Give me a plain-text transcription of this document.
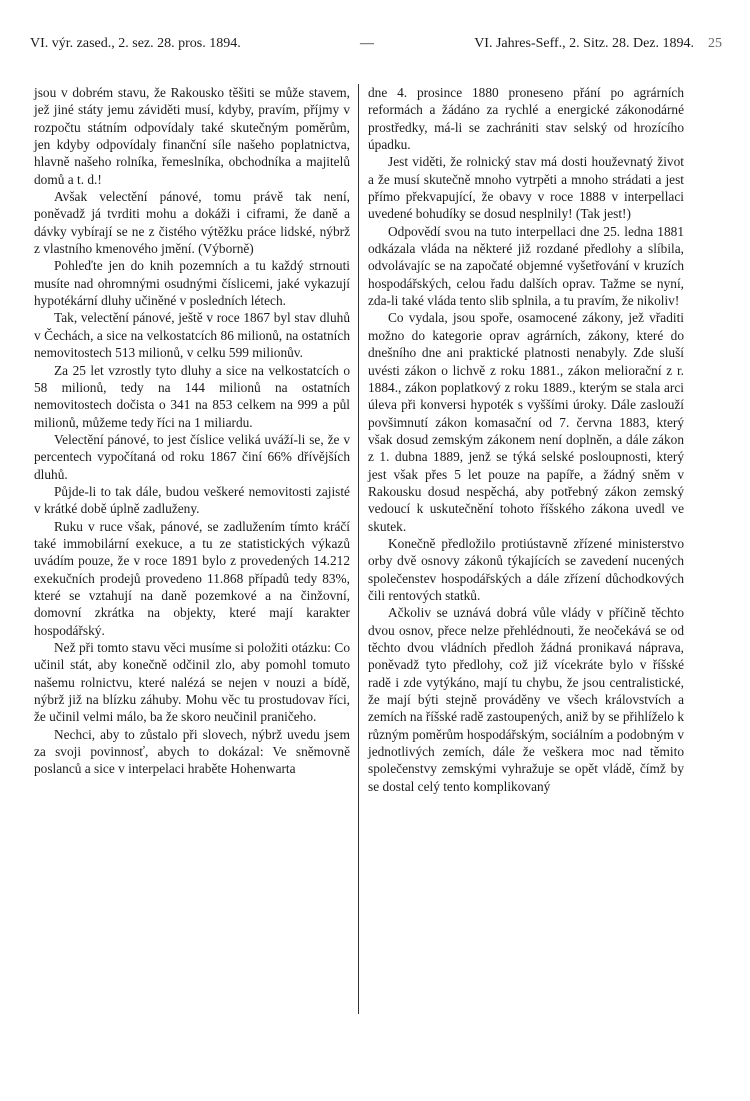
VI. výr. zased., 2. sez. 28. pros. 1894.	—	VI. Jahres-Seff., 2. Sitz. 28. Dez. 1894. 25

jsou v dobrém stavu, že Rakousko těšiti se může stavem, jež jiné státy jemu záviděti musí, kdyby, pravím, příjmy v rozpočtu státním odpovídaly také skutečným poměrům, jen kdyby odpovídaly finanční síle našeho poplatnictva, hlavně našeho rolníka, řemeslníka, obchodníka a majitelů domů a t. d.!

Avšak velectění pánové, tomu právě tak není, poněvadž já tvrditi mohu a dokáži i ciframi, že daně a dávky vybírají se ne z čistého výtěžku práce lidské, nýbrž z vlastního kmenového jmění. (Výborně)

Pohleďte jen do knih pozemních a tu každý strnouti musíte nad ohromnými osudnými číslicemi, jaké vykazují hypotékární dluhy učiněné v posledních létech.

Tak, velectění pánové, ještě v roce 1867 byl stav dluhů v Čechách, a sice na velkostatcích 86 milionů, na ostatních nemovitostech 513 milionů, v celku 599 milionův.

Za 25 let vzrostly tyto dluhy a sice na velkostatcích o 58 milionů, tedy na 144 milionů na ostatních nemovitostech dočista o 341 na 853 celkem na 999 a půl milionů, můžeme tedy říci na 1 miliardu.

Velectění pánové, to jest číslice veliká uváží-li se, že v percentech vypočítaná od roku 1867 činí 66% dřívějších dluhů.

Půjde-li to tak dále, budou veškeré nemovitosti zajisté v krátké době úplně zadluženy.

Ruku v ruce však, pánové, se zadlužením tímto kráčí také immobilární exekuce, a tu ze statistických výkazů uvádím pouze, že v roce 1891 bylo z provedených 14.212 exekučních prodejů provedeno 11.868 případů tedy 83%, které se vztahují na daně pozemkové a na činžovní, domovní zkrátka na objekty, které mají karakter hospodářský.

Než při tomto stavu věci musíme si položiti otázku: Co učinil stát, aby konečně odčinil zlo, aby pomohl tomuto našemu rolnictvu, které nalézá se nejen v nouzi a bídě, nýbrž již na blízku záhuby. Mohu věc tu prostudovav říci, že učinil velmi málo, ba že skoro neučinil praničeho.

Nechci, aby to zůstalo při slovech, nýbrž uvedu jsem za svoji povinnosť, abych to dokázal: Ve sněmovně poslanců a sice v interpelaci hraběte Hohenwarta

dne 4. prosince 1880 proneseno přání po agrárních reformách a žádáno za rychlé a energické zákonodárné prostředky, má-li se zachrániti stav selský od hrozícího úpadku.

Jest viděti, že rolnický stav má dosti houževnatý život a že musí skutečně mnoho vytrpěti a mnoho strádati a jest přímo překvapující, že obavy v roce 1888 v interpellaci uvedené bohudíky se dosud nesplnily! (Tak jest!)

Odpovědí svou na tuto interpellaci dne 25. ledna 1881 odkázala vláda na některé již rozdané předlohy a slíbila, odvolávajíc se na započaté objemné vyšetřování v kruzích hospodářských, celou řadu dalších oprav. Tažme se nyní, zda-li také vláda tento slib splnila, a tu pravím, že nikoliv!

Co vydala, jsou spoře, osamocené zákony, jež vřaditi možno do kategorie oprav agrárních, zákony, které do dnešního dne ani praktické platnosti nenabyly. Zde sluší uvésti zákon o lichvě z roku 1881., zákon meliorační z r. 1884., zákon poplatkový z roku 1889., kterým se stala arci úleva při konversi hypoték s vyššími úroky. Dále zaslouží povšimnutí zákon komasační od 7. června 1883, který však dosud zemským zákonem není doplněn, a dále zákon z 1. dubna 1889, jenž se týká selské posloupnosti, který jest však přes 5 let pouze na papíře, a žádný sněm v Rakousku dosud nespěchá, aby potřebný zákon zemský vedoucí k uskutečnění tohoto říšského zákona uvedl ve skutek.

Konečně předložilo protiústavně zřízené ministerstvo orby dvě osnovy zákonů týkajících se zavedení nucených společenstev hospodářských a dále zřízení důchodkových čili rentových statků.

Ačkoliv se uznává dobrá vůle vlády v příčině těchto dvou osnov, přece nelze přehlédnouti, že neočekává se od těchto dvou vládních předloh žádná pronikavá náprava, poněvadž tyto předlohy, což již vícekráte bylo v říšské radě i zde vytýkáno, mají tu chybu, že jsou centralistické, že mají býti stejně prováděny ve všech královstvích a zemích na říšské radě zastoupených, aniž by se přihlíželo k různým poměrům hospodářským, sociálním a podobným v jednotlivých zemích, dále že veškera moc nad těmito společenstvy zemskými vyhražuje se opět vládě, čímž by se dostal celý tento komplikovaný
